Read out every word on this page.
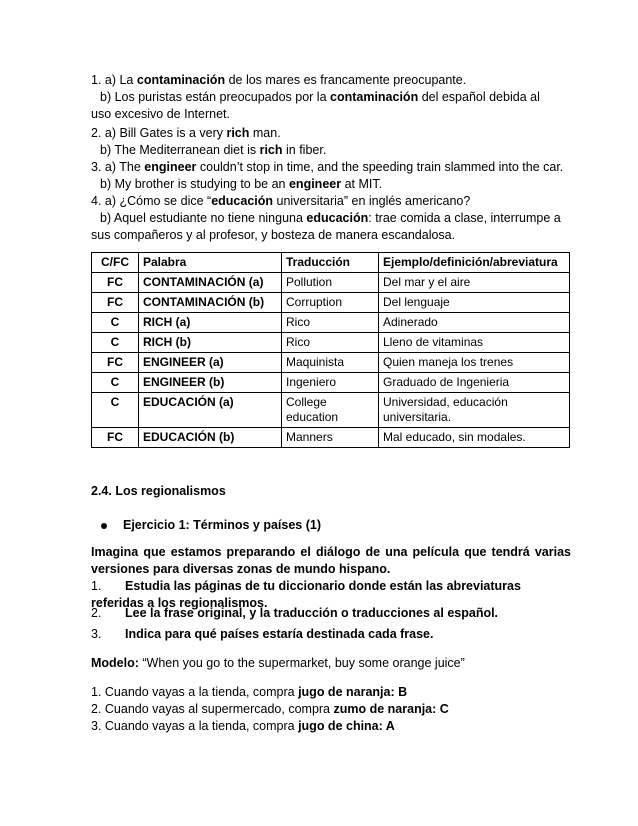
1. a) La contaminación de los mares es francamente preocupante.
b) Los puristas están preocupados por la contaminación del español debida al
uso excesivo de Internet.
2. a) Bill Gates is a very rich man.
b) The Mediterranean diet is rich in fiber.
3. a) The engineer couldn’t stop in time, and the speeding train slammed into the car.
b) My brother is studying to be an engineer at MIT.
4. a) ¿Cómo se dice “educación universitaria” en inglés americano?
b) Aquel estudiante no tiene ninguna educación: trae comida a clase, interrumpe a
sus compañeros y al profesor, y bosteza de manera escandalosa.
C/FC	Palabra	Traducción	Ejemplo/definición/abreviatura
FC	CONTAMINACIÓN (a)	Pollution	Del mar y el aire
FC	CONTAMINACIÓN (b)	Corruption	Del lenguaje
C	RICH (a)	Rico	Adinerado
C	RICH (b)	Rico	Lleno de vitaminas
FC	ENGINEER (a)	Maquinista	Quien maneja los trenes
C	ENGINEER (b)	Ingeniero	Graduado de Ingenieria
C	EDUCACIÓN (a)	College education	Universidad, educación universitaria.
FC	EDUCACIÓN (b)	Manners	Mal educado, sin modales.
2.4. Los regionalismos
Ejercicio 1: Términos y países (1)
Imagina que estamos preparando el diálogo de una película que tendrá varias versiones para diversas zonas de mundo hispano.
1. Estudia las páginas de tu diccionario donde están las abreviaturas referidas a los regionalismos.
2. Lee la frase original, y la traducción o traducciones al español.
3. Indica para qué países estaría destinada cada frase.
Modelo: “When you go to the supermarket, buy some orange juice”
1. Cuando vayas a la tienda, compra jugo de naranja: B
2. Cuando vayas al supermercado, compra zumo de naranja: C
3. Cuando vayas a la tienda, compra jugo de china: A
